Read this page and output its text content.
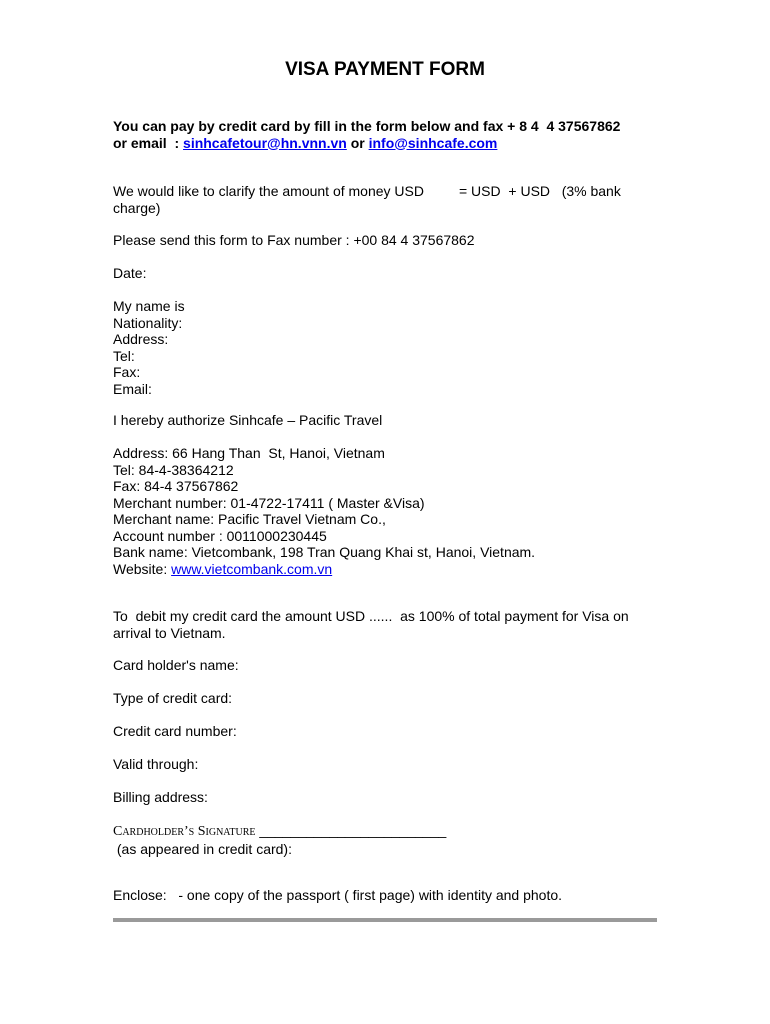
VISA PAYMENT FORM
You can pay by credit card by fill in the form below and fax + 8 4  4 37567862
or email  : sinhcafetour@hn.vnn.vn or info@sinhcafe.com
We would like to clarify the amount of money USD         = USD  + USD   (3% bank
charge)
Please send this form to Fax number : +00 84 4 37567862
Date:
My name is
Nationality:
Address:
Tel:
Fax:
Email:
I hereby authorize Sinhcafe – Pacific Travel
Address: 66 Hang Than  St, Hanoi, Vietnam
Tel: 84-4-38364212
Fax: 84-4 37567862
Merchant number: 01-4722-17411 ( Master &Visa)
Merchant name: Pacific Travel Vietnam Co.,
Account number : 0011000230445
Bank name: Vietcombank, 198 Tran Quang Khai st, Hanoi, Vietnam.
Website: www.vietcombank.com.vn
To  debit my credit card the amount USD ......  as 100% of total payment for Visa on
arrival to Vietnam.
Card holder's name:
Type of credit card:
Credit card number:
Valid through:
Billing address:
Cardholder’s Signature ________________________
(as appeared in credit card):
Enclose:   - one copy of the passport ( first page) with identity and photo.
